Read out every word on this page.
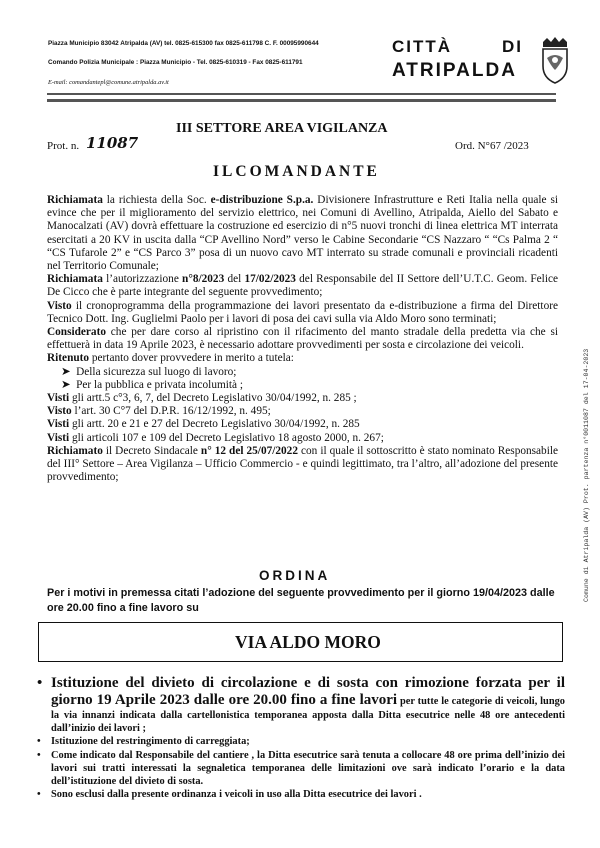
Piazza Municipio 83042 Atripalda (AV) tel. 0825-615300 fax 0825-611798 C. F. 00095990644
Comando Polizia Municipale : Piazza Municipio - Tel. 0825-610319 - Fax 0825-611791
E-mail: comandantepl@comune.atripalda.av.it
CITTÀ	DI
ATRIPALDA
III SETTORE AREA VIGILANZA
Prot. n. 11087	Ord. N°67 /2023
ILCOMANDANTE

Richiamata la richiesta della Soc. e-distribuzione S.p.a. Divisionere Infrastrutture e Reti Italia nella quale si evince che per il miglioramento del servizio elettrico, nei Comuni di Avellino, Atripalda, Aiello del Sabato e Manocalzati (AV) dovrà effettuare la costruzione ed esercizio di n°5 nuovi tronchi di linea elettrica MT interrata esercitati a 20 KV in uscita dalla “CP Avellino Nord” verso le Cabine Secondarie “CS Nazzaro “ “Cs Palma 2 “ “CS Tufarole 2” e “CS Parco 3” posa di un nuovo cavo MT interrato su strade comunali e provinciali ricadenti nel Territorio Comunale;

Richiamata l’autorizzazione n°8/2023 del 17/02/2023 del Responsabile del II Settore dell’U.T.C. Geom. Felice De Cicco che è parte integrante del seguente provvedimento;

Visto il cronoprogramma della programmazione dei lavori presentato da e-distribuzione a firma del Direttore Tecnico Dott. Ing. Guglielmi Paolo per i lavori di posa dei cavi sulla via Aldo Moro sono terminati;

Considerato che per dare corso al ripristino con il rifacimento del manto stradale della predetta via che si effettuerà in data 19 Aprile 2023, è necessario adottare provvedimenti per sosta e circolazione dei veicoli.

Ritenuto pertanto dover provvedere in merito a tutela:

➤  Della sicurezza sul luogo di lavoro;

➤  Per la pubblica e privata incolumità ;

Visti gli artt.5 c°3, 6, 7, del Decreto Legislativo 30/04/1992, n. 285 ;

Visto l’art. 30 C°7 del D.P.R. 16/12/1992, n. 495;

Visti gli artt. 20 e 21 e 27 del Decreto Legislativo 30/04/1992, n. 285

Visti gli articoli 107 e 109 del Decreto Legislativo 18 agosto 2000, n. 267;

Richiamato il Decreto Sindacale n° 12 del 25/07/2022 con il quale il sottoscritto è stato nominato Responsabile del III° Settore – Area Vigilanza – Ufficio Commercio - e quindi legittimato, tra l’altro, all’adozione del presente provvedimento;

ORDINA
Per i motivi in premessa citati l’adozione del seguente provvedimento per il giorno 19/04/2023 dalle ore 20.00 fino a fine lavoro su
VIA ALDO MORO

• Istituzione del divieto di circolazione e di sosta con rimozione forzata per il giorno 19 Aprile 2023 dalle ore 20.00 fino a fine lavori per tutte le categorie di veicoli, lungo la via innanzi indicata dalla cartellonistica temporanea apposta dalla Ditta esecutrice nelle 48 ore antecedenti dall’inizio dei lavori ;

• Istituzione del restringimento di carreggiata;

• Come indicato dal Responsabile del cantiere , la Ditta esecutrice sarà tenuta a collocare 48 ore prima dell’inizio dei lavori sui tratti interessati la segnaletica temporanea delle limitazioni ove sarà indicato l’orario e la data dell’istituzione del divieto di sosta.

• Sono esclusi dalla presente ordinanza i veicoli in uso alla Ditta esecutrice dei lavori .

Comune di Atripalda (AV) Prot. partenza n°0011087 del 17-04-2023
